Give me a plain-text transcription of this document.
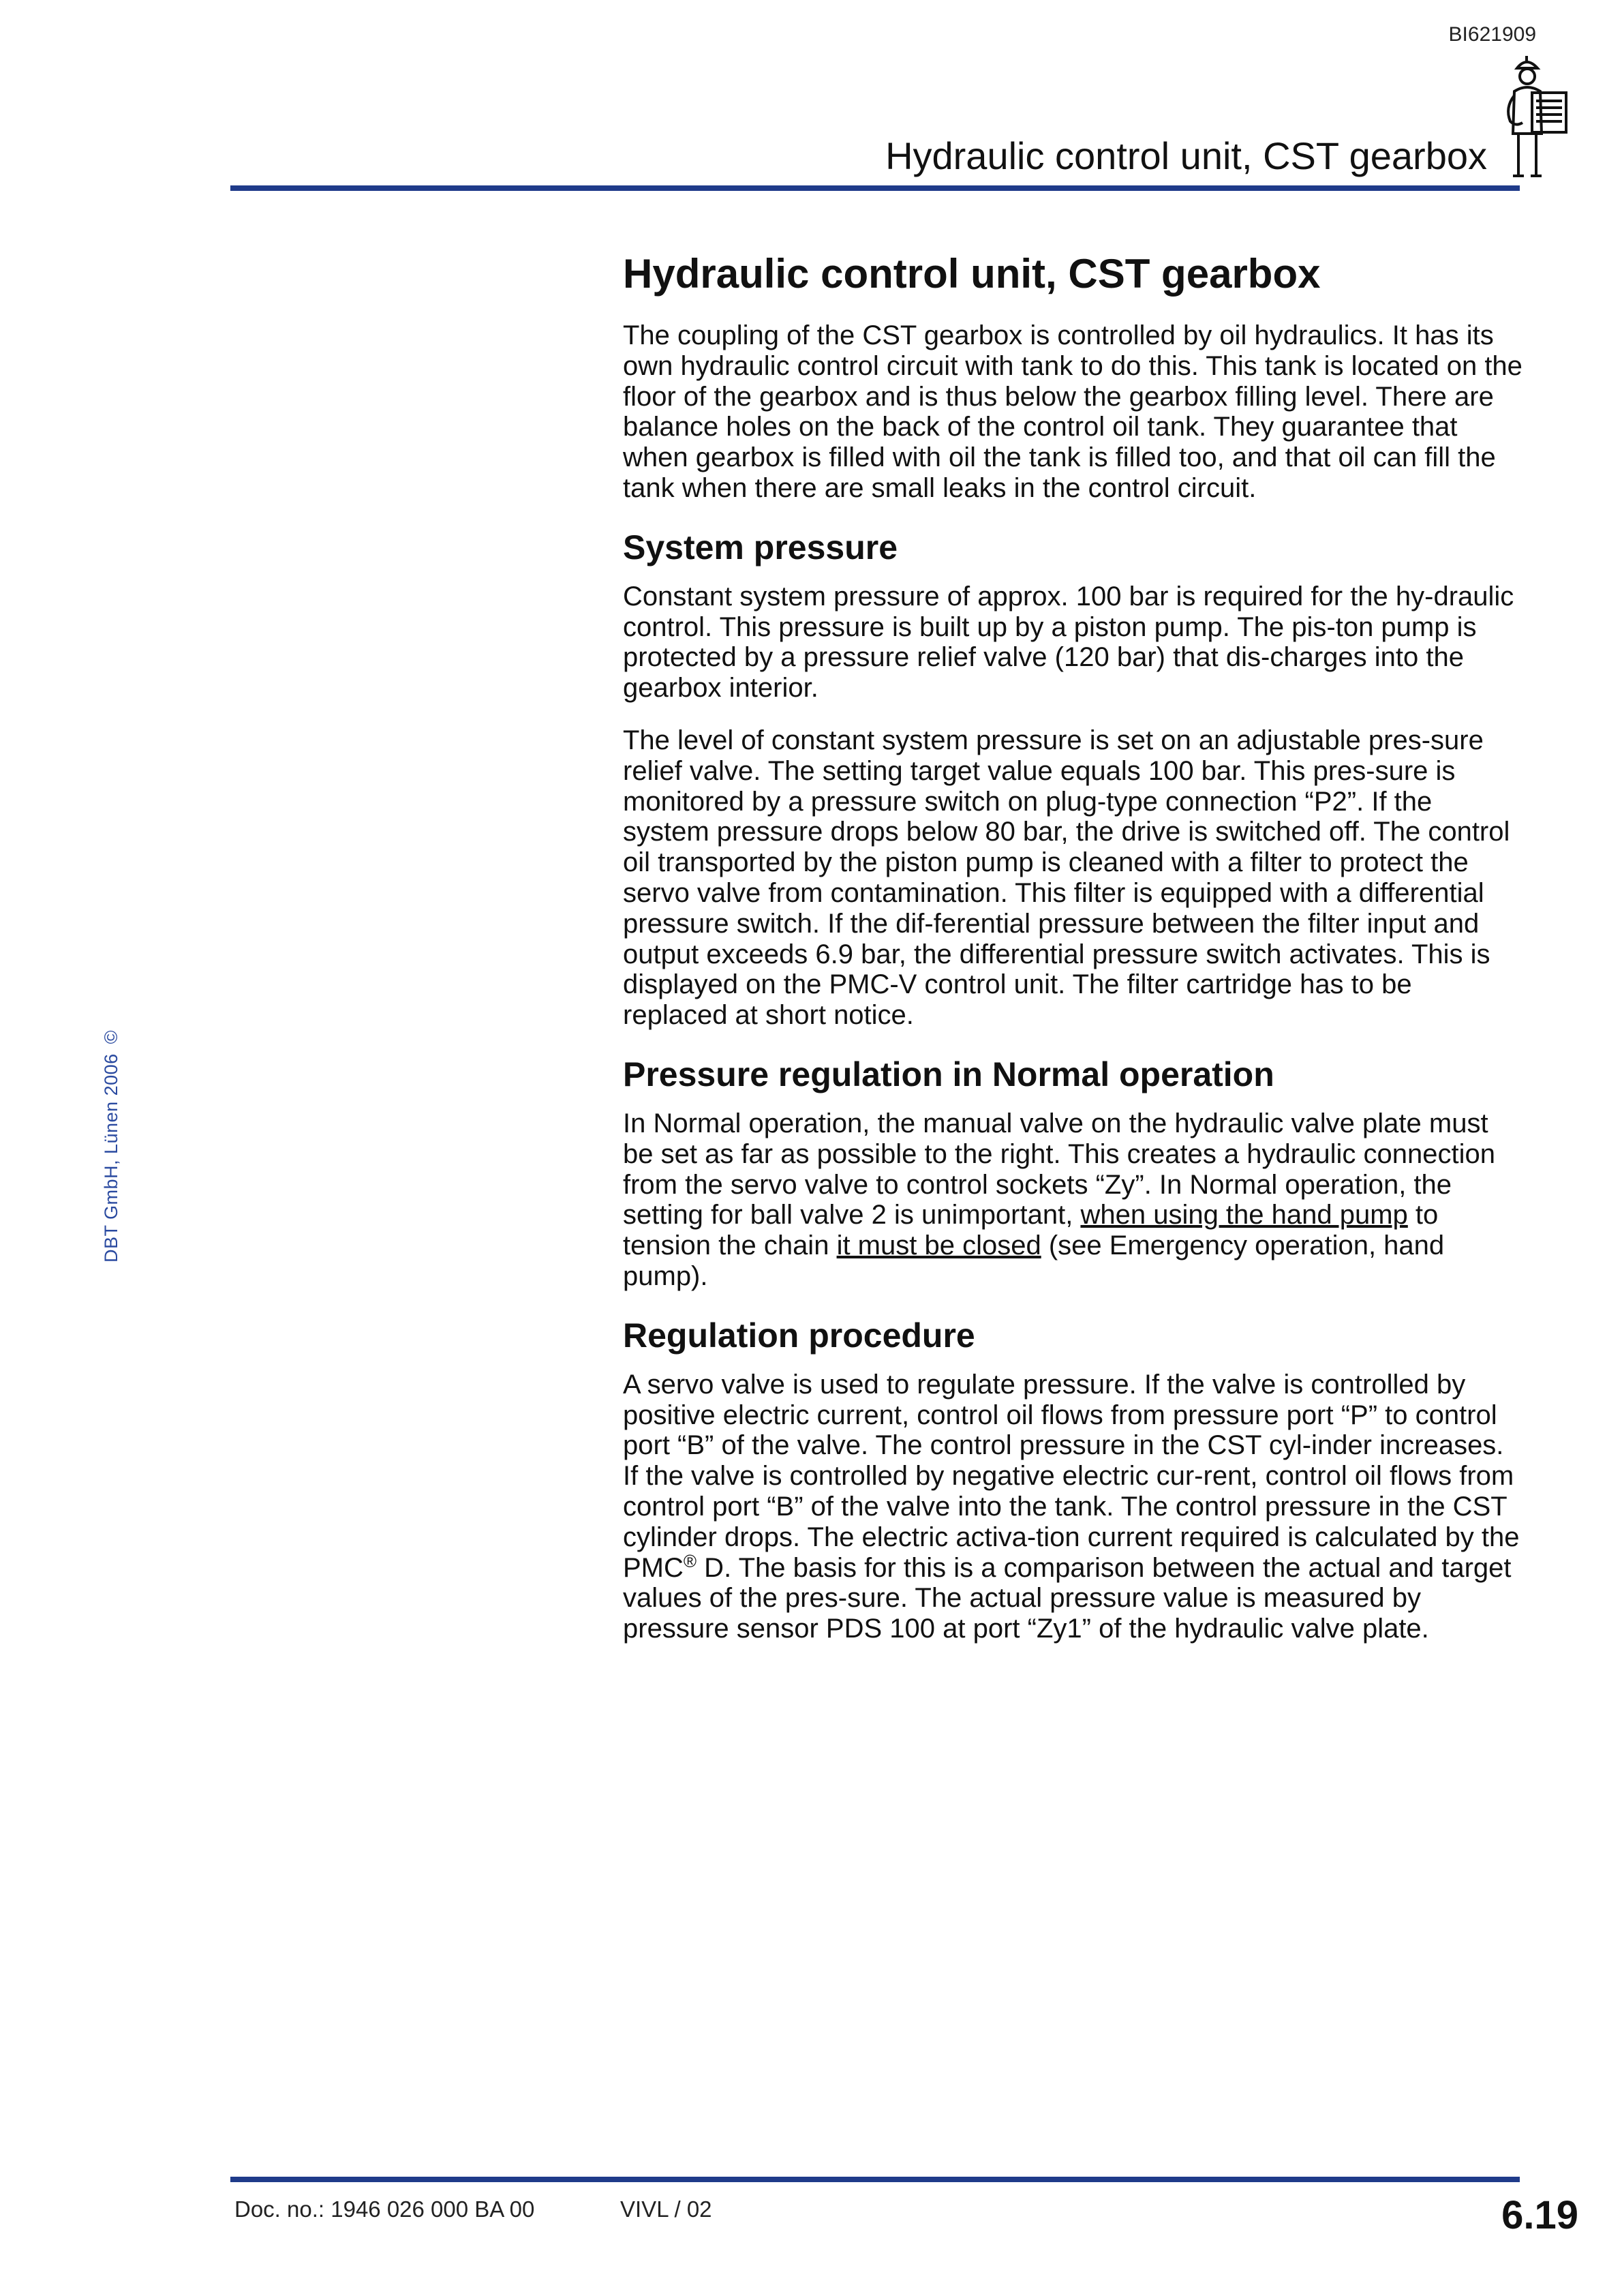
BI621909
Hydraulic control unit, CST gearbox
DBT GmbH, Lünen 2006©
Hydraulic control unit, CST gearbox

The coupling of the CST gearbox is controlled by oil hydraulics. It has its own hydraulic control circuit with tank to do this. This tank is located on the floor of the gearbox and is thus below the gearbox filling level. There are balance holes on the back of the control oil tank. They guarantee that when gearbox is filled with oil the tank is filled too, and that oil can fill the tank when there are small leaks in the control circuit.

System pressure

Constant system pressure of approx. 100 bar is required for the hy-draulic control. This pressure is built up by a piston pump. The pis-ton pump is protected by a pressure relief valve (120 bar) that dis-charges into the gearbox interior.

The level of constant system pressure is set on an adjustable pres-sure relief valve. The setting target value equals 100 bar. This pres-sure is monitored by a pressure switch on plug-type connection “P2”. If the system pressure drops below 80 bar, the drive is switched off. The control oil transported by the piston pump is cleaned with a filter to protect the servo valve from contamination. This filter is equipped with a differential pressure switch. If the dif-ferential pressure between the filter input and output exceeds 6.9 bar, the differential pressure switch activates. This is displayed on the PMC-V control unit. The filter cartridge has to be replaced at short notice.

Pressure regulation in Normal operation

In Normal operation, the manual valve on the hydraulic valve plate must be set as far as possible to the right. This creates a hydraulic connection from the servo valve to control sockets “Zy”. In Normal operation, the setting for ball valve 2 is unimportant, when using the hand pump to tension the chain it must be closed (see Emergency operation, hand pump).

Regulation procedure

A servo valve is used to regulate pressure. If the valve is controlled by positive electric current, control oil flows from pressure port “P” to control port “B” of the valve. The control pressure in the CST cyl-inder increases. If the valve is controlled by negative electric cur-rent, control oil flows from control port “B” of the valve into the tank. The control pressure in the CST cylinder drops. The electric activa-tion current required is calculated by the PMC® D. The basis for this is a comparison between the actual and target values of the pres-sure. The actual pressure value is measured by pressure sensor PDS 100 at port “Zy1” of the hydraulic valve plate.

Doc. no.: 1946 026 000 BA 00	VIVL / 02	6.19
